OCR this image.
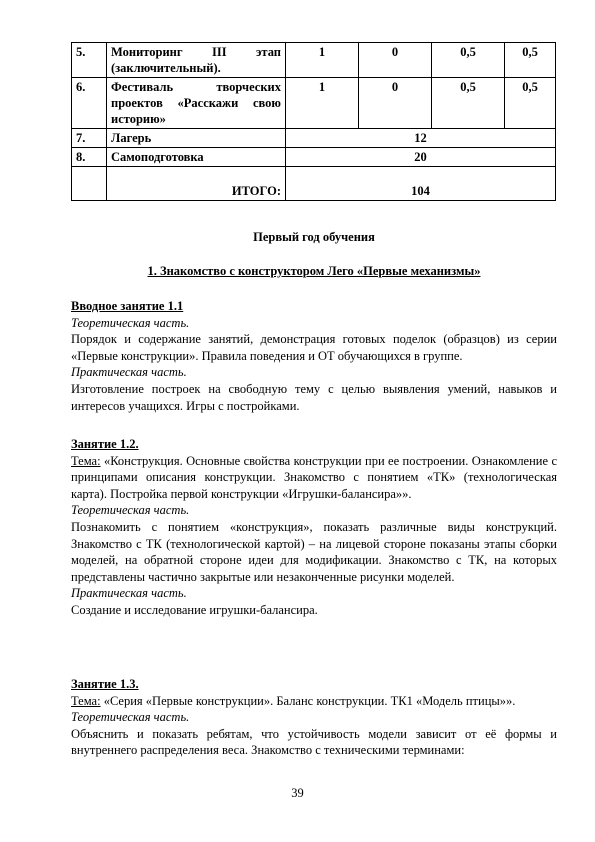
5.	Мониторинг III этап (заключительный).	1	0	0,5	0,5
6.	Фестиваль творческих проектов «Расскажи свою историю»	1	0	0,5	0,5
7.	Лагерь	12			
8.	Самоподготовка	20			
	ИТОГО:	104			
Первый год обучения
1. Знакомство с конструктором Лего «Первые механизмы»
Вводное занятие 1.1
Теоретическая часть.
Порядок и содержание занятий, демонстрация готовых поделок (образцов) из серии «Первые конструкции». Правила поведения и ОТ обучающихся в группе.
Практическая часть.
Изготовление построек на свободную тему с целью выявления умений, навыков и интересов учащихся. Игры с постройками.
Занятие 1.2.
Тема: «Конструкция. Основные свойства конструкции при ее построении. Ознакомление с принципами описания конструкции. Знакомство с понятием «ТК» (технологическая карта). Постройка первой конструкции «Игрушки-балансира»».
Теоретическая часть.
Познакомить с понятием «конструкция», показать различные виды конструкций. Знакомство с ТК (технологической картой) – на лицевой стороне показаны этапы сборки моделей, на обратной стороне идеи для модификации. Знакомство с ТК, на которых представлены частично закрытые или незаконченные рисунки моделей.
Практическая часть.
Создание и исследование игрушки-балансира.
Занятие 1.3.
Тема: «Серия «Первые конструкции». Баланс конструкции. ТК1 «Модель птицы»».
Теоретическая часть.
Объяснить и показать ребятам, что устойчивость модели зависит от её формы и внутреннего распределения веса. Знакомство с техническими терминами:
39
